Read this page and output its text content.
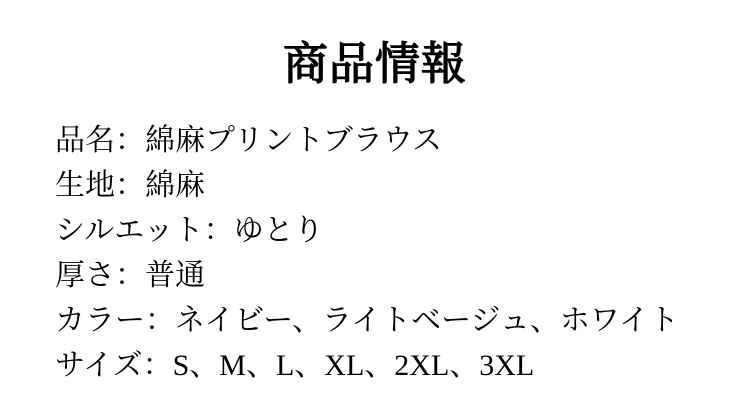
商品情報
品名：綿麻プリントブラウス
生地：綿麻
シルエット：ゆとり
厚さ：普通
カラー：ネイビー、ライトベージュ、ホワイト
サイズ：S、M、L、XL、2XL、3XL
